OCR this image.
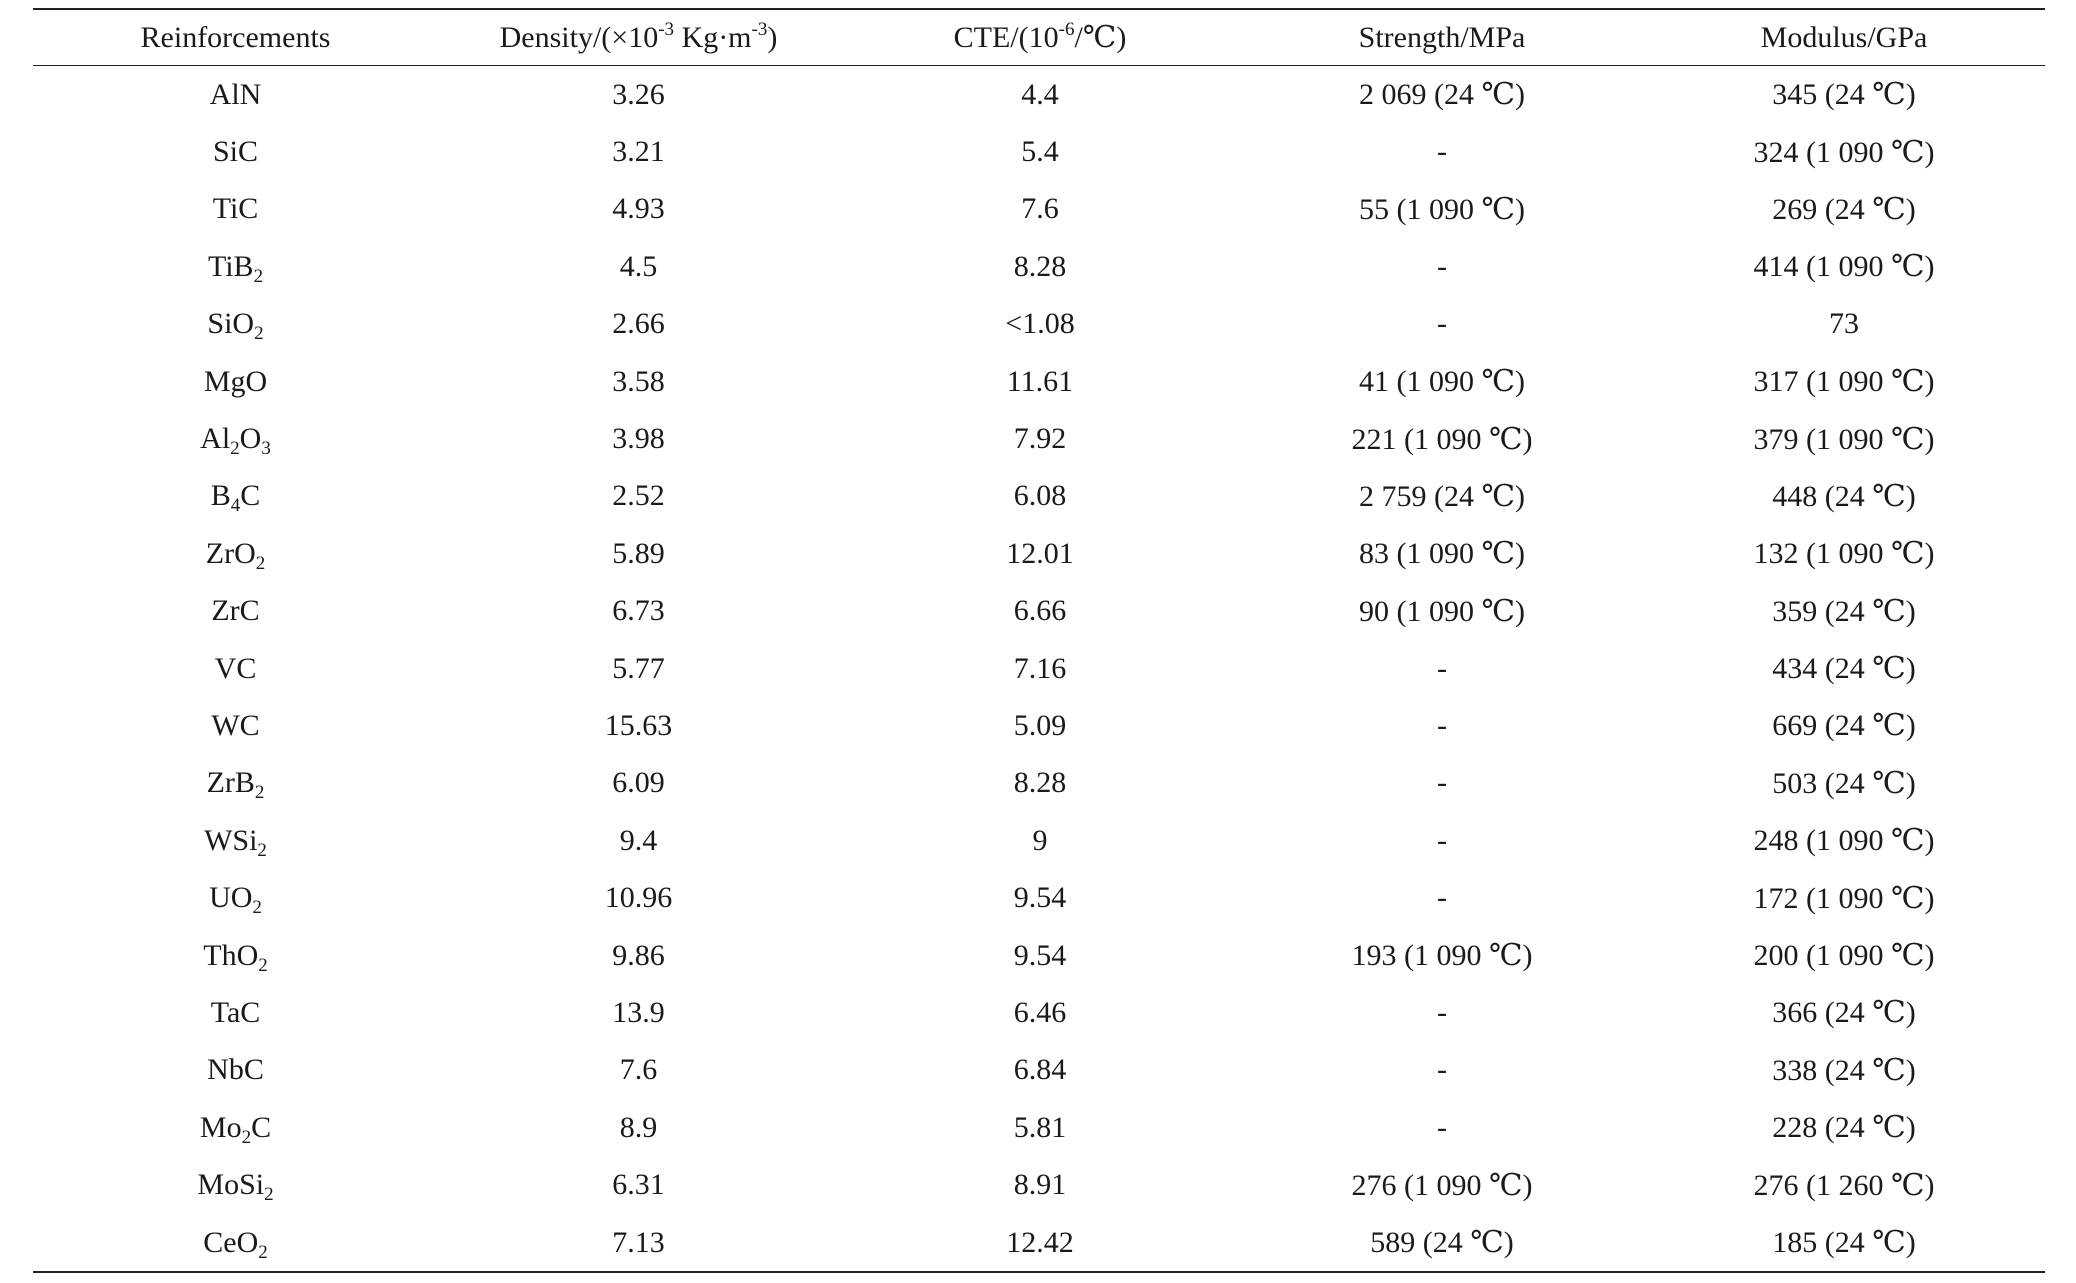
Reinforcements	Density/($\times 10^{-3}$ $Kg\cdot m^{-3}$)	CTE/$(10^{-6}/℃)$	Strength/MPa	Modulus/GPa
AlN	3.26	4.4	2 069 (24 ℃)	345 (24 ℃)
SiC	3.21	5.4	-	324 (1 090 ℃)
TiC	4.93	7.6	55 (1 090 ℃)	269 (24 ℃)
TiB$_2$	4.5	8.28	-	414 (1 090 ℃)
SiO$_2$	2.66	<1.08	-	73
MgO	3.58	11.61	41 (1 090 ℃)	317 (1 090 ℃)
$Al_2O_3$	3.98	7.92	221 (1 090 ℃)	379 (1 090 ℃)
$B_4C$	2.52	6.08	2 759 (24 ℃)	448 (24 ℃)
ZrO$_2$	5.89	12.01	83 (1 090 ℃)	132 (1 090 ℃)
ZrC	6.73	6.66	90 (1 090 ℃)	359 (24 ℃)
VC	5.77	7.16	-	434 (24 ℃)
WC	15.63	5.09	-	669 (24 ℃)
ZrB$_2$	6.09	8.28	-	503 (24 ℃)
WSi$_2$	9.4	9	-	248 (1 090 ℃)
$UO_2$	10.96	9.54	-	172 (1 090 ℃)
ThO$_2$	9.86	9.54	193 (1 090 ℃)	200 (1 090 ℃)
TaC	13.9	6.46	-	366 (24 ℃)
NbC	7.6	6.84	-	338 (24 ℃)
$Mo_2C$	8.9	5.81	-	228 (24 ℃)
MoSi$_2$	6.31	8.91	276 (1 090 ℃)	276 (1 260 ℃)
CeO$_2$	7.13	12.42	589 (24 ℃)	185 (24 ℃)
